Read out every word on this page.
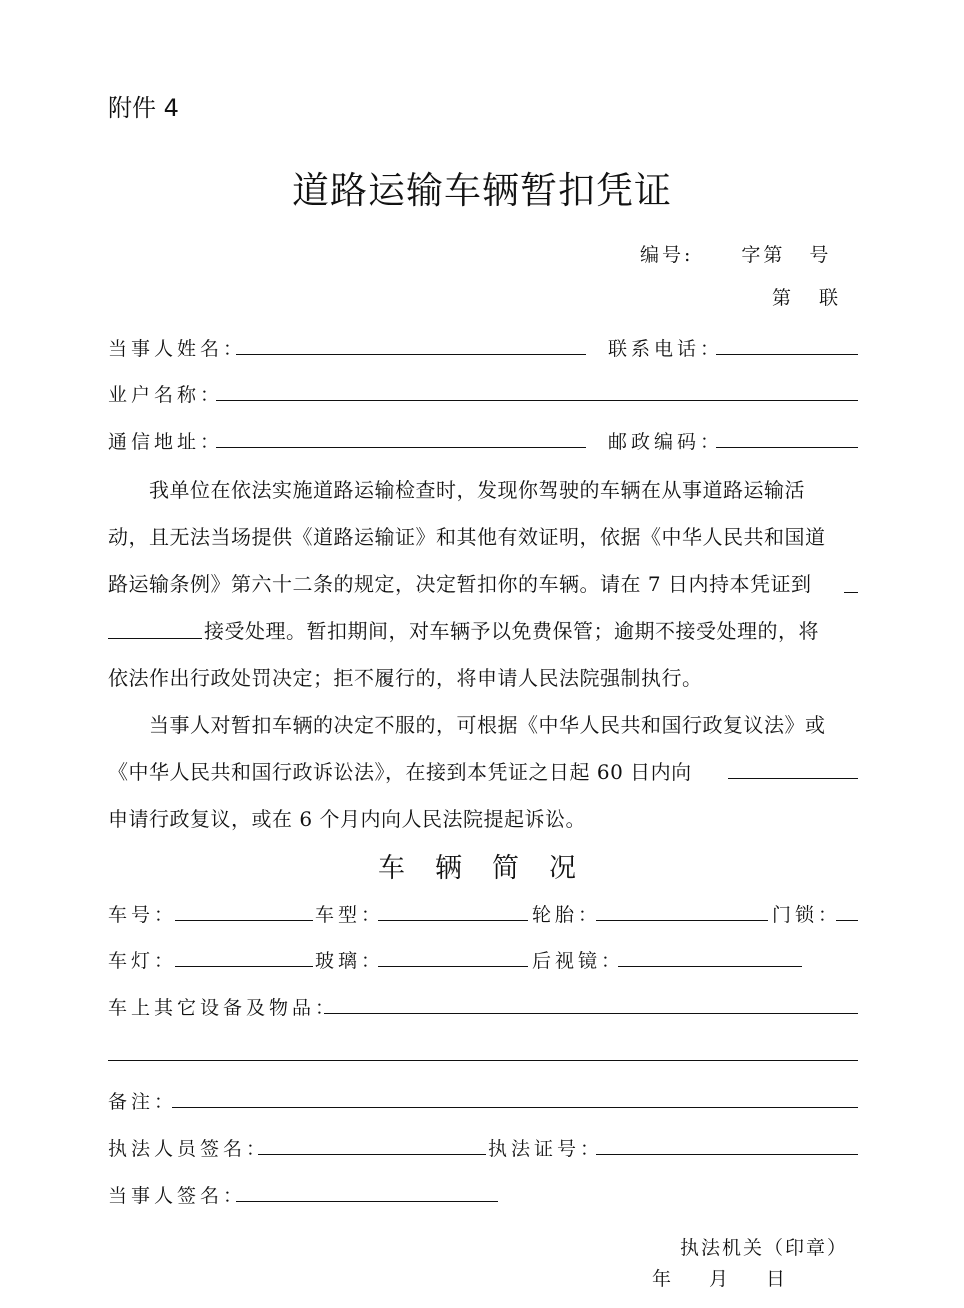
附件 4
道路运输车辆暂扣凭证
编号:	字第 号
第 联
当事人姓名：	联系电话：
业户名称：
通信地址：	邮政编码：
　　我单位在依法实施道路运输检查时，发现你驾驶的车辆在从事道路运输活
动，且无法当场提供《道路运输证》和其他有效证明，依据《中华人民共和国道
路运输条例》第六十二条的规定，决定暂扣你的车辆。请在 7 日内持本凭证到
接受处理。暂扣期间，对车辆予以免费保管；逾期不接受处理的，将
依法作出行政处罚决定；拒不履行的，将申请人民法院强制执行。
　　当事人对暂扣车辆的决定不服的，可根据《中华人民共和国行政复议法》或
《中华人民共和国行政诉讼法》，在接到本凭证之日起 60 日内向
申请行政复议，或在 6 个月内向人民法院提起诉讼。
车辆简况
车号：	车型：	轮胎：	门锁：
车灯：	玻璃：	后视镜：
车上其它设备及物品：
备注：
执法人员签名：	执法证号：
当事人签名：
执法机关（印章）
年 月 日
